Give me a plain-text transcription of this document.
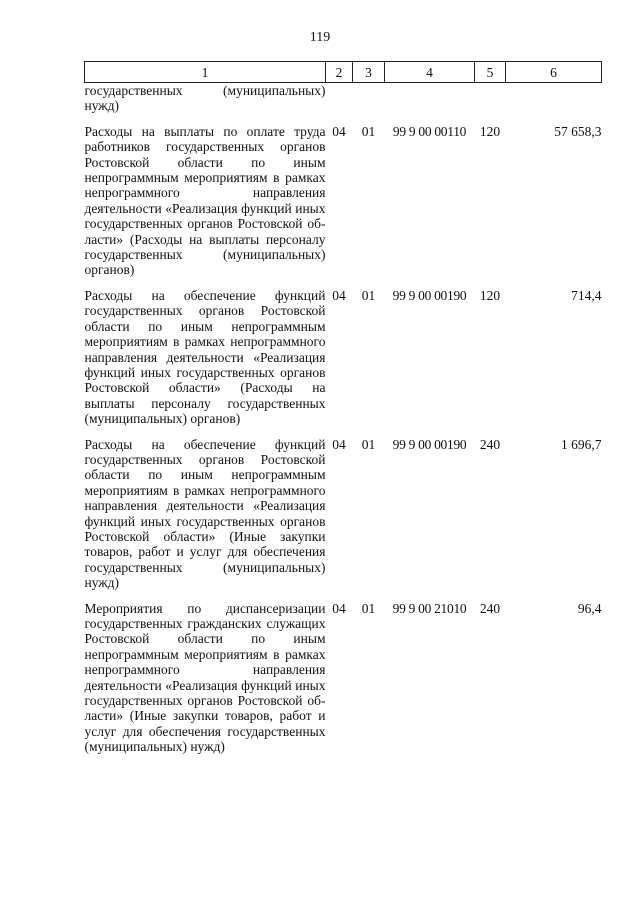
119
1	2	3	4	5	6
государственных (муниципальных) нужд)					

Расходы на выплаты по оплате труда работников государственных органов Ростовской области по иным непрограммным мероприятиям в рамках непрограммного направления деятельности «Реализация функций иных государственных органов Ростовской области» (Расходы на выплаты персоналу государственных (муниципальных) органов)	04	01	99 9 00 00110	120	57 658,3

Расходы на обеспечение функций государственных органов Ростовской области по иным непрограммным мероприятиям в рамках непрограммного направления деятельности «Реализация функций иных государственных органов Ростовской области» (Расходы на выплаты персоналу государственных (муниципальных) органов)	04	01	99 9 00 00190	120	714,4

Расходы на обеспечение функций государственных органов Ростовской области по иным непрограммным мероприятиям в рамках непрограммного направления деятельности «Реализация функций иных государственных органов Ростовской области» (Иные закупки товаров, работ и услуг для обеспечения государственных (муниципальных) нужд)	04	01	99 9 00 00190	240	1 696,7

Мероприятия по диспансеризации государственных гражданских служащих Ростовской области по иным непрограммным мероприятиям в рамках непрограммного направления деятельности «Реализация функций иных государственных органов Ростовской области» (Иные закупки товаров, работ и услуг для обеспечения государственных (муниципальных) нужд)	04	01	99 9 00 21010	240	96,4
